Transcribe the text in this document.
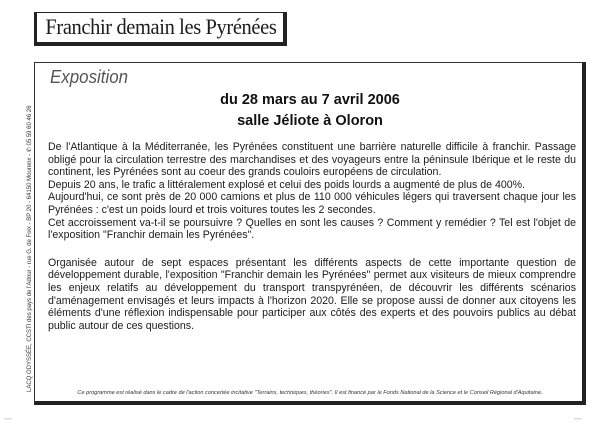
LACQ ODYSSÉE, CCSTI des pays de l'Adour - rue G. de Foix - BP 20 - 64150 Mourenx - ✆ 05 59 60 46 26
Franchir demain les Pyrénées
Exposition
du 28 mars au 7 avril 2006
salle Jéliote à Oloron

De l'Atlantique à la Méditerranée, les Pyrénées constituent une barrière naturelle difficile à franchir. Passage obligé pour la circulation terrestre des marchandises et des voyageurs entre la péninsule Ibérique et le reste du continent, les Pyrénées sont au coeur des grands couloirs européens de circulation.

Depuis 20 ans, le trafic a littéralement explosé et celui des poids lourds a augmenté de plus de 400%.

Aujourd'hui, ce sont près de 20 000 camions et plus de 110 000 véhicules légers qui traversent chaque jour les Pyrénées : c'est un poids lourd et trois voitures toutes les 2 secondes.

Cet accroissement va-t-il se poursuivre ? Quelles en sont les causes ? Comment y remédier ? Tel est l'objet de l'exposition "Franchir demain les Pyrénées".

Organisée autour de sept espaces présentant les différents aspects de cette importante question de développement durable, l'exposition "Franchir demain les Pyrénées" permet aux visiteurs de mieux comprendre les enjeux relatifs au développement du transport transpyrénéen, de découvrir les différents scénarios d'aménagement envisagés et leurs impacts à l'horizon 2020. Elle se propose aussi de donner aux citoyens les éléments d'une réflexion indispensable pour participer aux côtés des experts et des pouvoirs publics au débat public autour de ces questions.

Ce programme est réalisé dans le cadre de l'action concertée incitative "Terrains, techniques, théories". Il est financé par le Fonds National de la Science et le Conseil Régional d'Aquitaine.
▁▁	▁▁
